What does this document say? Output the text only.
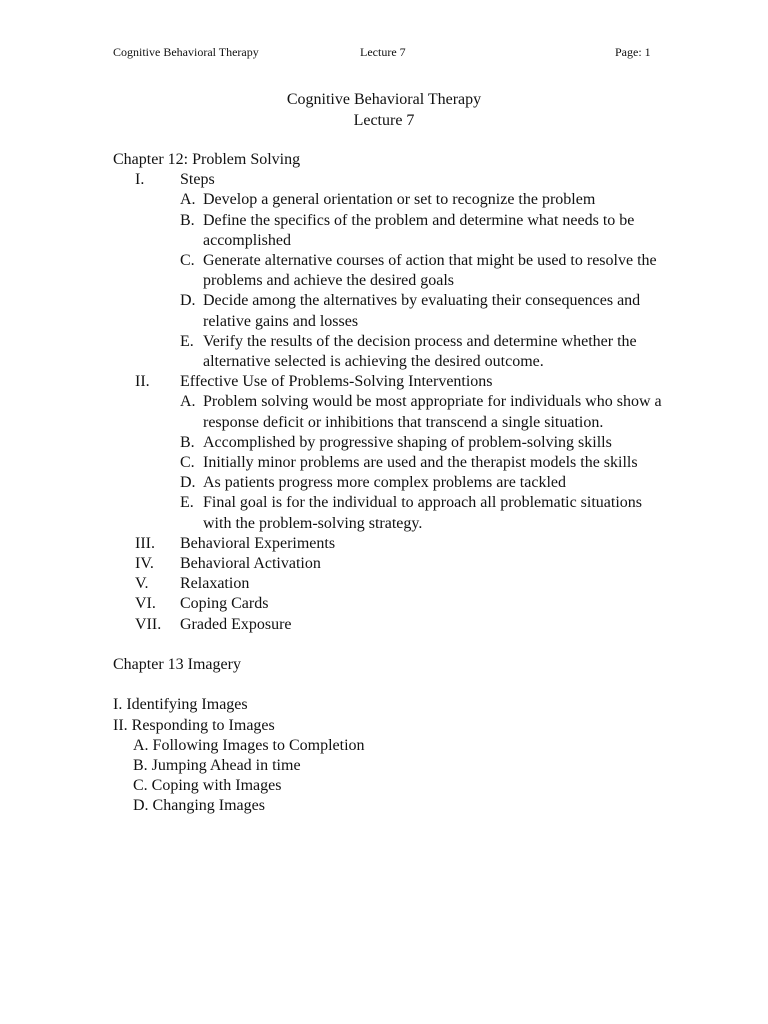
Cognitive Behavioral Therapy	Lecture 7	Page: 1
Cognitive Behavioral Therapy
Lecture 7
Chapter 12: Problem Solving
I.	Steps
A. Develop a general orientation or set to recognize the problem
B. Define the specifics of the problem and determine what needs to be accomplished
C. Generate alternative courses of action that might be used to resolve the problems and achieve the desired goals
D. Decide among the alternatives by evaluating their consequences and relative gains and losses
E. Verify the results of the decision process and determine whether the alternative selected is achieving the desired outcome.
II.	Effective Use of Problems-Solving Interventions
A. Problem solving would be most appropriate for individuals who show a response deficit or inhibitions that transcend a single situation.
B. Accomplished by progressive shaping of problem-solving skills
C. Initially minor problems are used and the therapist models the skills
D. As patients progress more complex problems are tackled
E. Final goal is for the individual to approach all problematic situations with the problem-solving strategy.
III.	Behavioral Experiments
IV.	Behavioral Activation
V.	Relaxation
VI.	Coping Cards
VII.	Graded Exposure
Chapter 13 Imagery
I. Identifying Images
II. Responding to Images
A. Following Images to Completion
B. Jumping Ahead in time
C. Coping with Images
D. Changing Images
